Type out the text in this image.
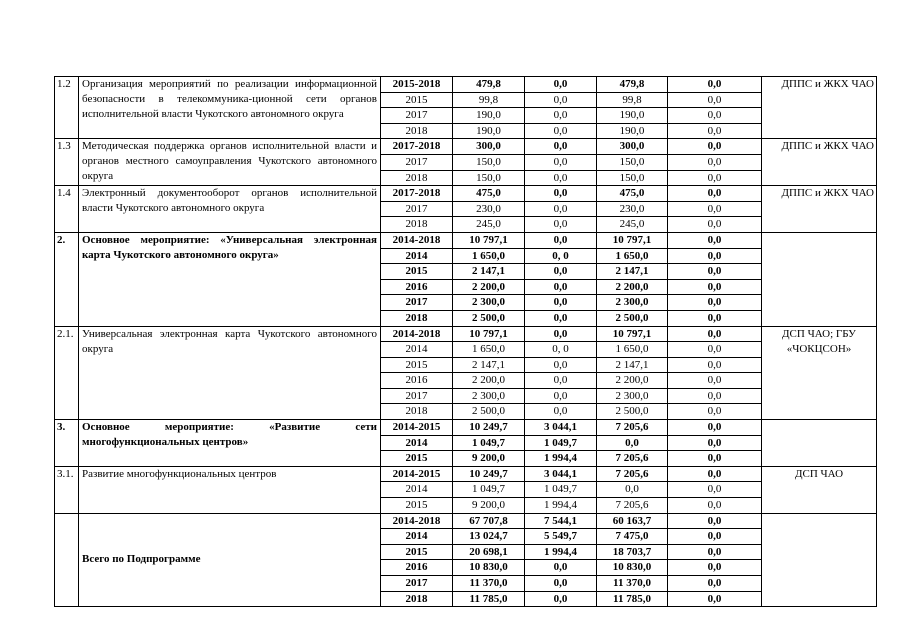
1.2	Организация мероприятий по реализации информационной безопасности в телекоммуника-ционной сети органов исполнительной власти Чукотского автономного округа	2015-2018	479,8	0,0	479,8	0,0	ДППС и ЖКХ ЧАО
		2015	99,8	0,0	99,8	0,0	
		2017	190,0	0,0	190,0	0,0	
		2018	190,0	0,0	190,0	0,0	
1.3	Методическая поддержка органов исполнительной власти и органов местного самоуправления Чукотского автономного округа	2017-2018	300,0	0,0	300,0	0,0	ДППС и ЖКХ ЧАО
		2017	150,0	0,0	150,0	0,0	
		2018	150,0	0,0	150,0	0,0	
1.4	Электронный документооборот органов исполнительной власти Чукотского автономного округа	2017-2018	475,0	0,0	475,0	0,0	ДППС и ЖКХ ЧАО
		2017	230,0	0,0	230,0	0,0	
		2018	245,0	0,0	245,0	0,0	
2.	Основное мероприятие: «Универсальная электронная карта Чукотского автономного округа»	2014-2018	10 797,1	0,0	10 797,1	0,0	
		2014	1 650,0	0, 0	1 650,0	0,0	
		2015	2 147,1	0,0	2 147,1	0,0	
		2016	2 200,0	0,0	2 200,0	0,0	
		2017	2 300,0	0,0	2 300,0	0,0	
		2018	2 500,0	0,0	2 500,0	0,0	
2.1.	Универсальная электронная карта Чукотского автономного округа	2014-2018	10 797,1	0,0	10 797,1	0,0	ДСП ЧАО; ГБУ «ЧОКЦСОН»
		2014	1 650,0	0, 0	1 650,0	0,0	
		2015	2 147,1	0,0	2 147,1	0,0	
		2016	2 200,0	0,0	2 200,0	0,0	
		2017	2 300,0	0,0	2 300,0	0,0	
		2018	2 500,0	0,0	2 500,0	0,0	
3.	Основное мероприятие: «Развитие сети многофункциональных центров»	2014-2015	10 249,7	3 044,1	7 205,6	0,0	
		2014	1 049,7	1 049,7	0,0	0,0	
		2015	9 200,0	1 994,4	7 205,6	0,0	
3.1.	Развитие многофункциональных центров	2014-2015	10 249,7	3 044,1	7 205,6	0,0	ДСП ЧАО
		2014	1 049,7	1 049,7	0,0	0,0	
		2015	9 200,0	1 994,4	7 205,6	0,0	
	Всего по Подпрограмме	2014-2018	67 707,8	7 544,1	60 163,7	0,0	
		2014	13 024,7	5 549,7	7 475,0	0,0	
		2015	20 698,1	1 994,4	18 703,7	0,0	
		2016	10 830,0	0,0	10 830,0	0,0	
		2017	11 370,0	0,0	11 370,0	0,0	
		2018	11 785,0	0,0	11 785,0	0,0	
